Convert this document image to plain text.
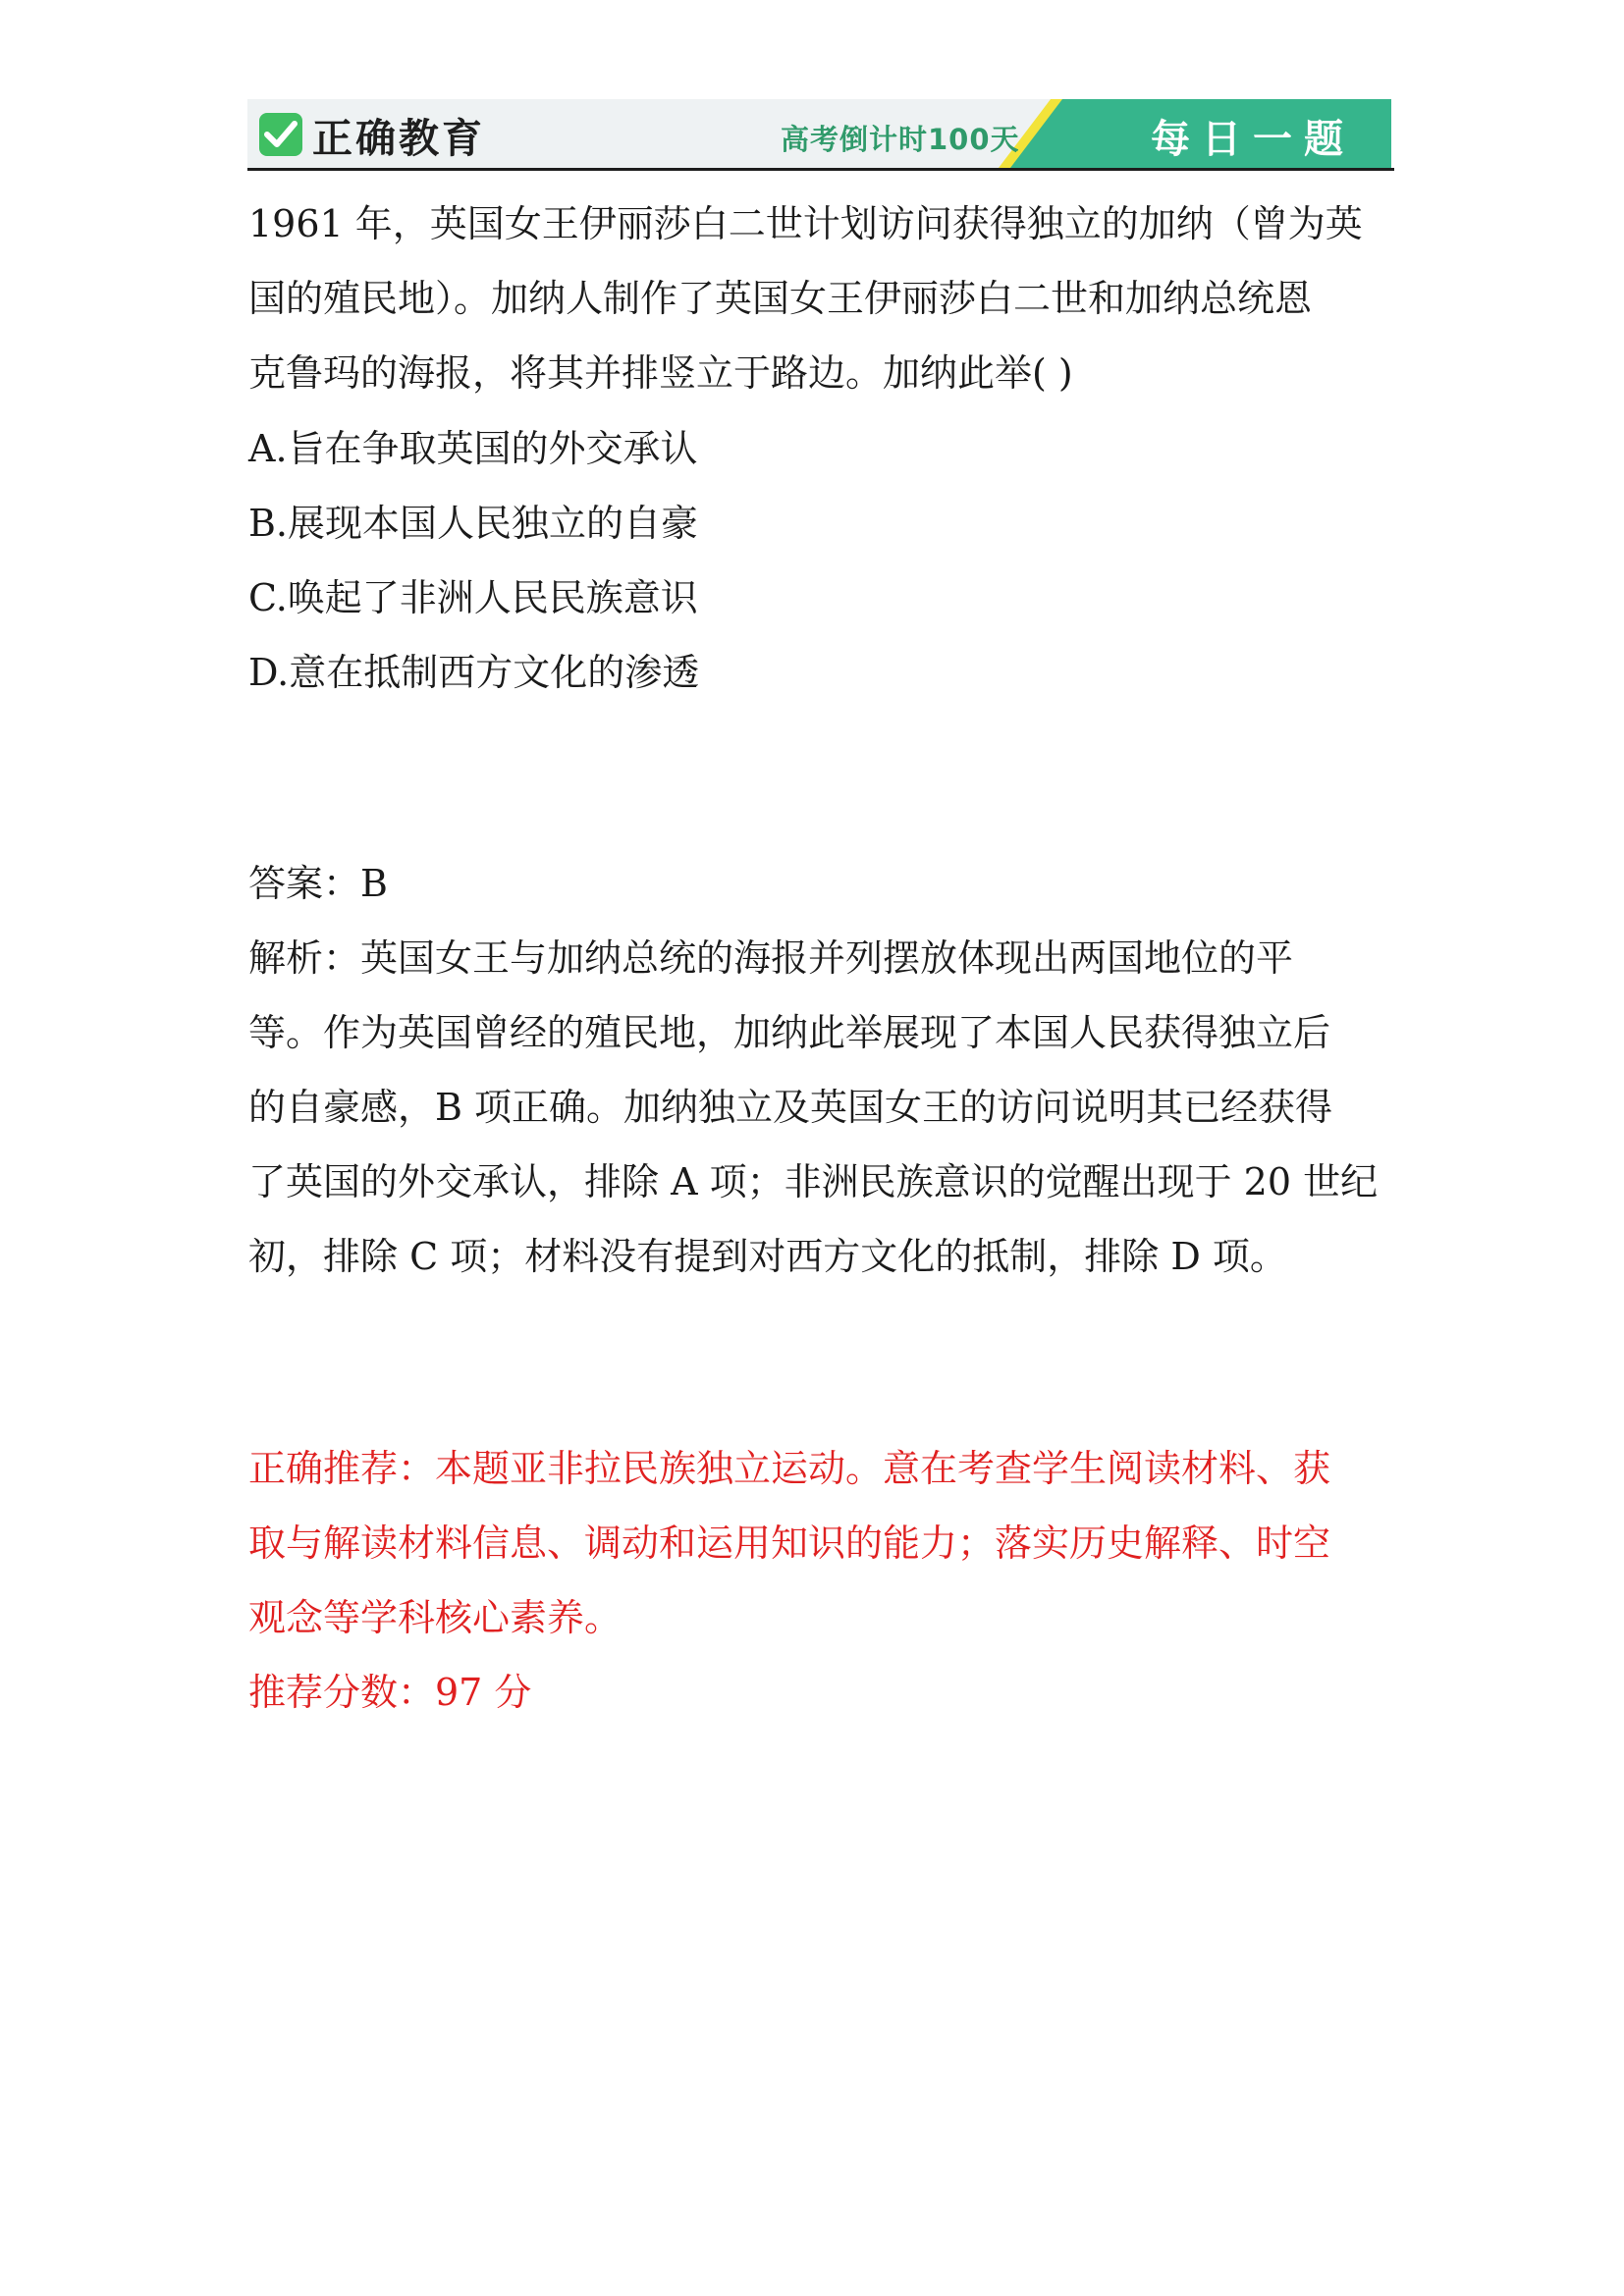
正确教育	高考倒计时100天	每日一题

1961 年，英国女王伊丽莎白二世计划访问获得独立的加纳（曾为英

国的殖民地）。加纳人制作了英国女王伊丽莎白二世和加纳总统恩

克鲁玛的海报，将其并排竖立于路边。加纳此举( )

A.旨在争取英国的外交承认

B.展现本国人民独立的自豪

C.唤起了非洲人民民族意识

D.意在抵制西方文化的渗透

答案：B

解析：英国女王与加纳总统的海报并列摆放体现出两国地位的平

等。作为英国曾经的殖民地，加纳此举展现了本国人民获得独立后

的自豪感，B 项正确。加纳独立及英国女王的访问说明其已经获得

了英国的外交承认，排除 A 项；非洲民族意识的觉醒出现于 20 世纪

初，排除 C 项；材料没有提到对西方文化的抵制，排除 D 项。

正确推荐：本题亚非拉民族独立运动。意在考查学生阅读材料、获

取与解读材料信息、调动和运用知识的能力；落实历史解释、时空

观念等学科核心素养。

推荐分数：97 分
